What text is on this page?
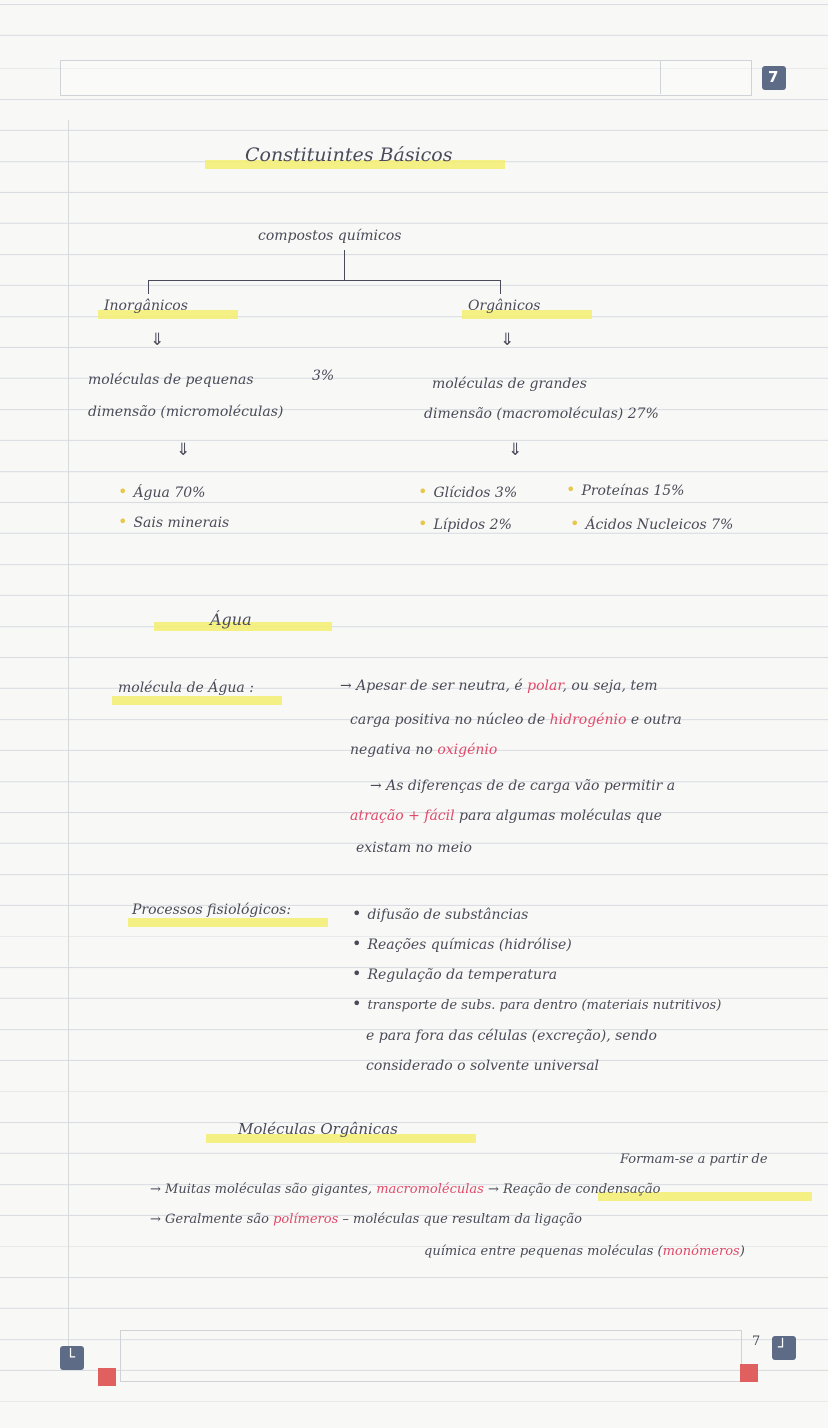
7
└
┘
7
Constituintes Básicos
compostos químicos
Inorgânicos
⇓
moléculas de pequenas	3%
dimensão (micromoléculas)
⇓
• Água 70%
• Sais minerais
Orgânicos
⇓
moléculas de grandes
dimensão (macromoléculas) 27%
⇓
• Glícidos 3%	• Proteínas 15%
• Lípidos 2%	• Ácidos Nucleicos 7%
Água
molécula de Água :	→ Apesar de ser neutra, é polar, ou seja, tem
carga positiva no núcleo de hidrogénio e outra
negativa no oxigénio
→ As diferenças de de carga vão permitir a
atração + fácil para algumas moléculas que
existam no meio
Processos fisiológicos:	• difusão de substâncias
• Reações químicas (hidrólise)
• Regulação da temperatura
• transporte de subs. para dentro (materiais nutritivos)
e para fora das células (excreção), sendo
considerado o solvente universal
Moléculas Orgânicas
Formam-se a partir de
→ Muitas moléculas são gigantes, macromoléculas → Reação de condensação
→ Geralmente são polímeros – moléculas que resultam da ligação
química entre pequenas moléculas (monómeros)
